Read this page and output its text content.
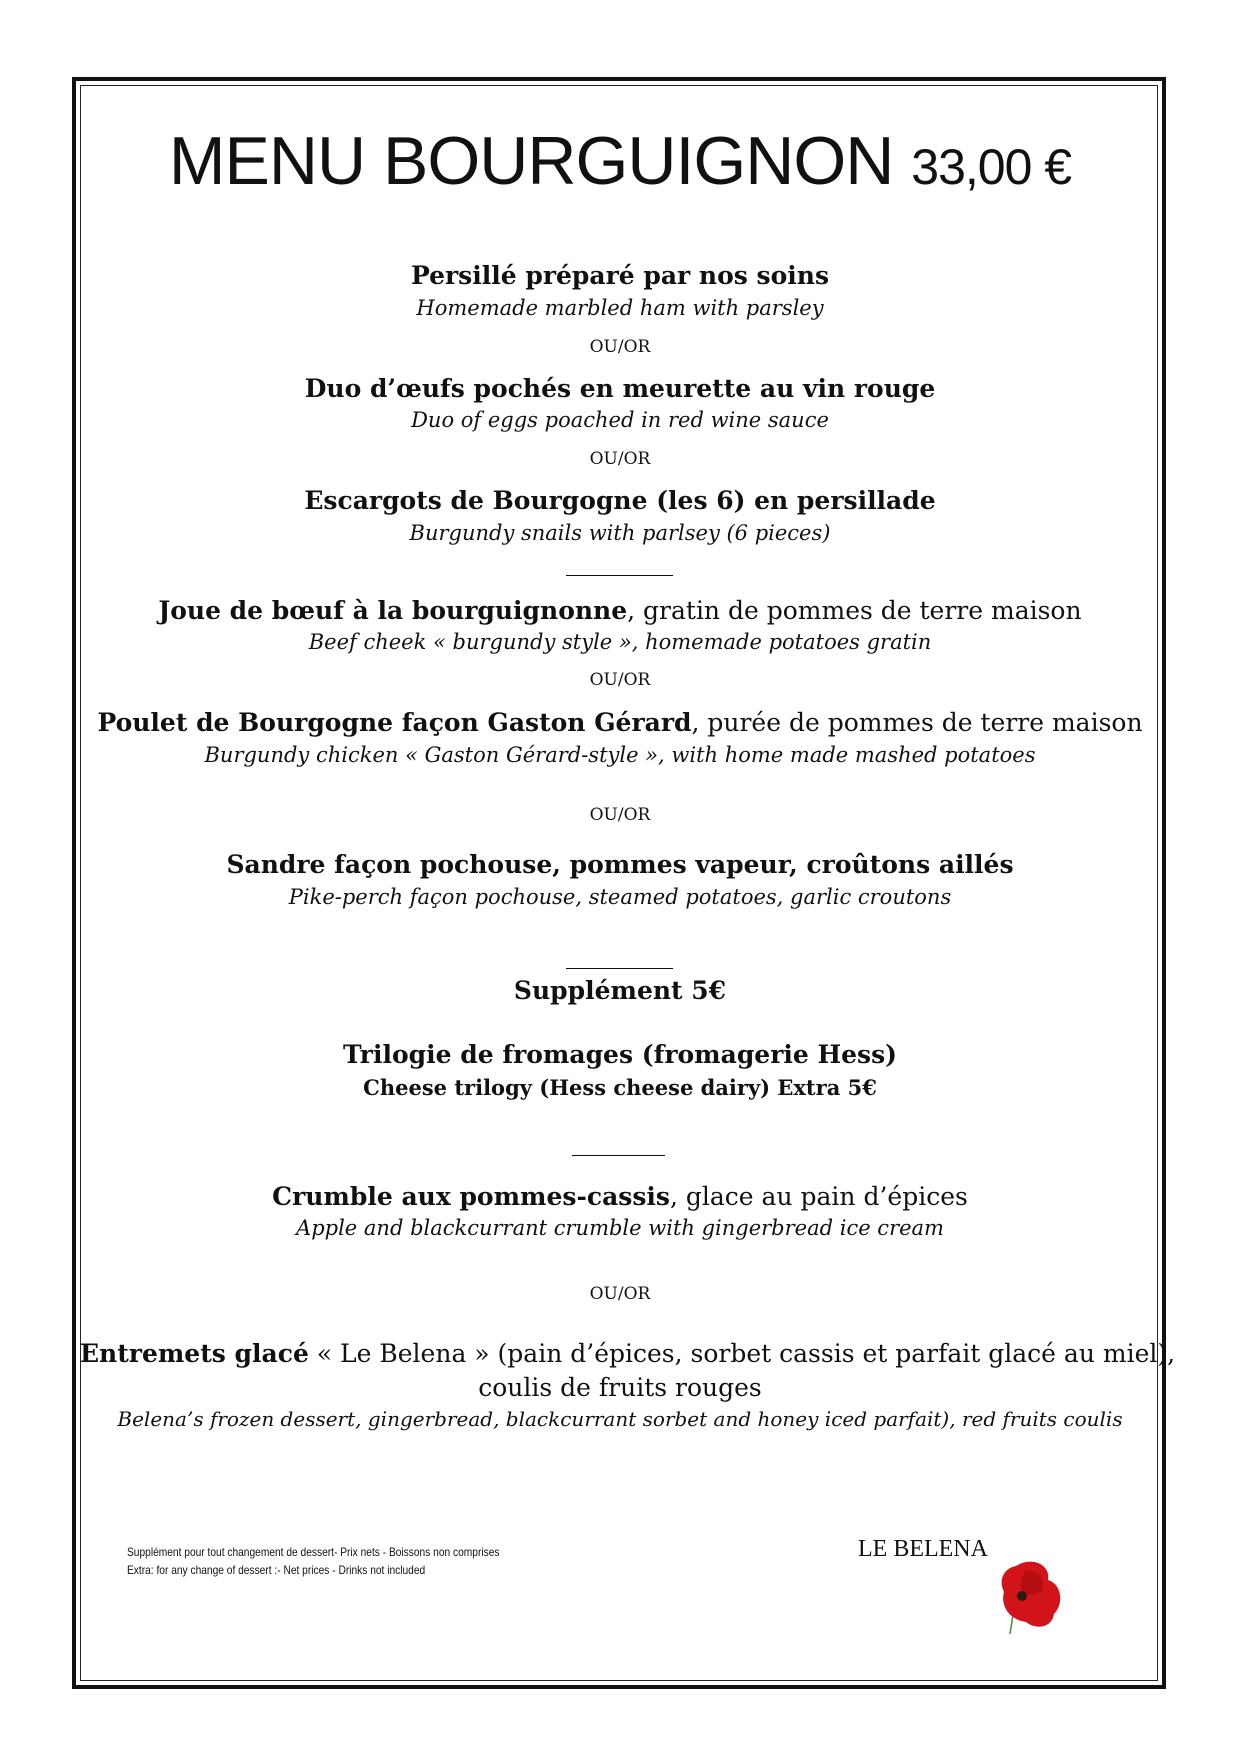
MENU BOURGUIGNON 33,00 €
Persillé préparé par nos soins
Homemade marbled ham with parsley
OU/OR
Duo d’œufs pochés en meurette au vin rouge
Duo of eggs poached in red wine sauce
OU/OR
Escargots de Bourgogne (les 6) en persillade
Burgundy snails with parlsey (6 pieces)
Joue de bœuf à la bourguignonne, gratin de pommes de terre maison
Beef cheek « burgundy style », homemade potatoes gratin
OU/OR
Poulet de Bourgogne façon Gaston Gérard, purée de pommes de terre maison
Burgundy chicken « Gaston Gérard-style », with home made mashed potatoes
OU/OR
Sandre façon pochouse, pommes vapeur, croûtons aillés
Pike-perch façon pochouse, steamed potatoes, garlic croutons
Supplément 5€
Trilogie de fromages (fromagerie Hess)
Cheese trilogy (Hess cheese dairy) Extra 5€
Crumble aux pommes-cassis, glace au pain d’épices
Apple and blackcurrant crumble with gingerbread ice cream
OU/OR
Entremets glacé « Le Belena » (pain d’épices, sorbet cassis et parfait glacé au miel),
coulis de fruits rouges
Belena’s frozen dessert, gingerbread, blackcurrant sorbet and honey iced parfait), red fruits coulis
Supplément pour tout changement de dessert- Prix nets - Boissons non comprises
Extra: for any change of dessert :- Net prices - Drinks not included
LE BELENA
